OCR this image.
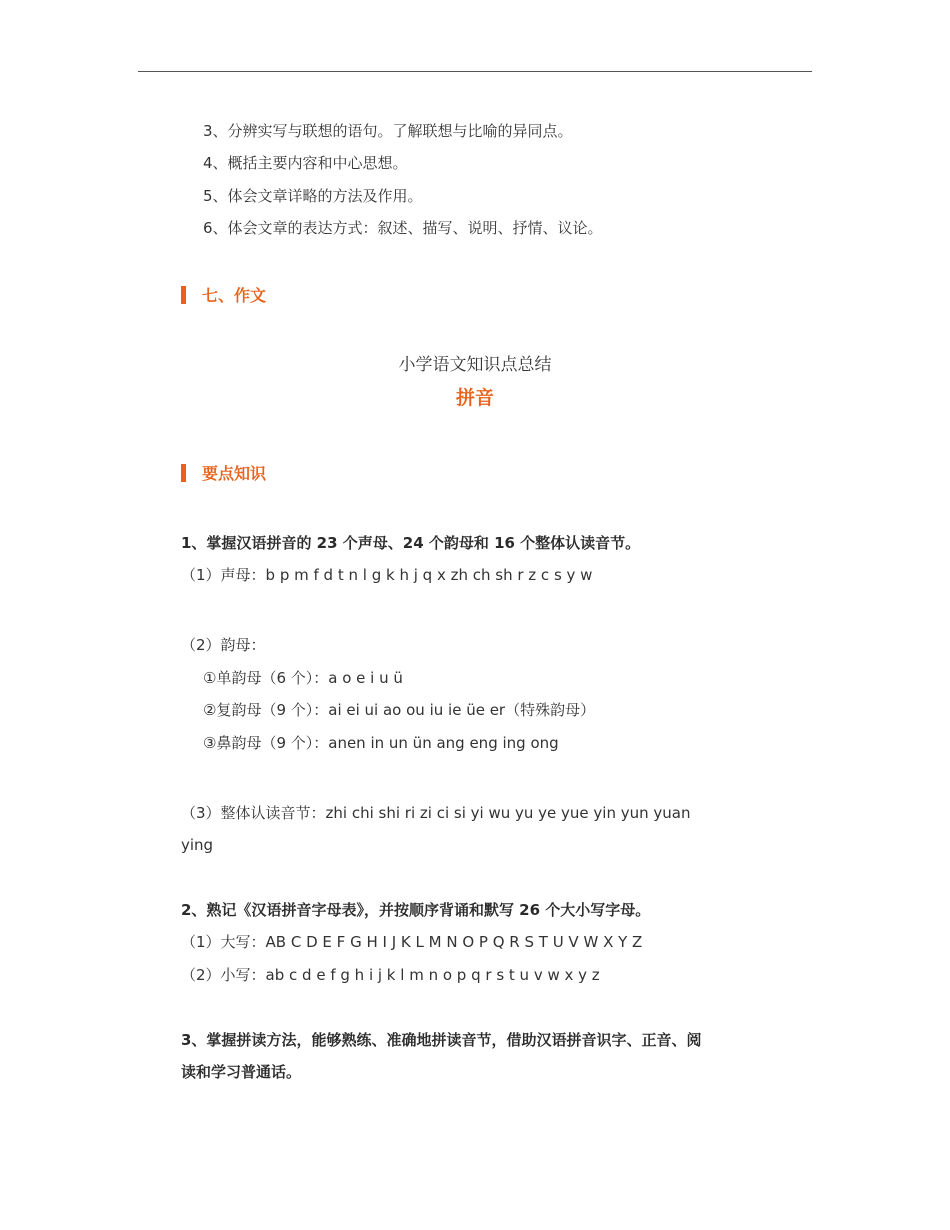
3、分辨实写与联想的语句。了解联想与比喻的异同点。
4、概括主要内容和中心思想。
5、体会文章详略的方法及作用。
6、体会文章的表达方式：叙述、描写、说明、抒情、议论。
七、作文
小学语文知识点总结
拼音
要点知识
1、掌握汉语拼音的 23 个声母、24 个韵母和 16 个整体认读音节。
（1）声母：b p m f d t n l g k h j q x zh ch sh r z c s y w
（2）韵母：
①单韵母（6 个）：a o e i u ü
②复韵母（9 个）：ai ei ui ao ou iu ie üe er（特殊韵母）
③鼻韵母（9 个）：anen in un ün ang eng ing ong
（3）整体认读音节：zhi chi shi ri zi ci si yi wu yu ye yue yin yun yuan
ying
2、熟记《汉语拼音字母表》，并按顺序背诵和默写 26 个大小写字母。
（1）大写：AB C D E F G H I J K L M N O P Q R S T U V W X Y Z
（2）小写：ab c d e f g h i j k l m n o p q r s t u v w x y z
3、掌握拼读方法，能够熟练、准确地拼读音节，借助汉语拼音识字、正音、阅
读和学习普通话。
